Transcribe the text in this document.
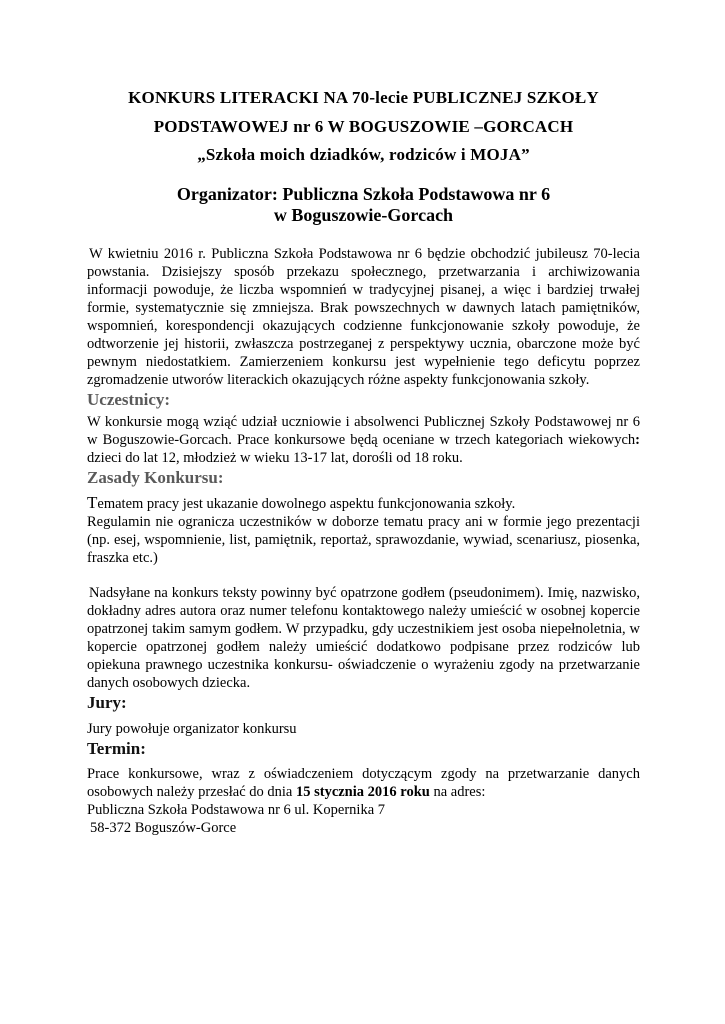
KONKURS LITERACKI NA 70-lecie PUBLICZNEJ SZKOŁY
PODSTAWOWEJ nr 6 W BOGUSZOWIE –GORCACH
„Szkoła moich dziadków, rodziców i MOJA”
Organizator: Publiczna Szkoła Podstawowa nr 6
w Boguszowie-Gorcach

W kwietniu 2016 r. Publiczna Szkoła Podstawowa nr 6 będzie obchodzić jubileusz 70-lecia powstania. Dzisiejszy sposób przekazu społecznego, przetwarzania i archiwizowania informacji powoduje, że liczba wspomnień w tradycyjnej pisanej, a więc i bardziej trwałej formie, systematycznie się zmniejsza. Brak powszechnych w dawnych latach pamiętników, wspomnień, korespondencji okazujących codzienne funkcjonowanie szkoły powoduje, że odtworzenie jej historii, zwłaszcza postrzeganej z perspektywy ucznia, obarczone może być pewnym niedostatkiem. Zamierzeniem konkursu jest wypełnienie tego deficytu poprzez zgromadzenie utworów literackich okazujących różne aspekty funkcjonowania szkoły.

Uczestnicy:

W konkursie mogą wziąć udział uczniowie i absolwenci Publicznej Szkoły Podstawowej nr 6 w Boguszowie-Gorcach. Prace konkursowe będą oceniane w trzech kategoriach wiekowych: dzieci do lat 12, młodzież w wieku 13-17 lat, dorośli od 18 roku.

Zasady Konkursu:
Tematem pracy jest ukazanie dowolnego aspektu funkcjonowania szkoły.
Regulamin nie ogranicza uczestników w doborze tematu pracy ani w formie jego prezentacji (np. esej, wspomnienie, list, pamiętnik, reportaż, sprawozdanie, wywiad, scenariusz, piosenka, fraszka etc.)

Nadsyłane na konkurs teksty powinny być opatrzone godłem (pseudonimem). Imię, nazwisko, dokładny adres autora oraz numer telefonu kontaktowego należy umieścić w osobnej kopercie opatrzonej takim samym godłem. W przypadku, gdy uczestnikiem jest osoba niepełnoletnia, w kopercie opatrzonej godłem należy umieścić dodatkowo podpisane przez rodziców lub opiekuna prawnego uczestnika konkursu- oświadczenie o wyrażeniu zgody na przetwarzanie danych osobowych dziecka.

Jury:

Jury powołuje organizator konkursu

Termin:

Prace konkursowe, wraz z oświadczeniem dotyczącym zgody na przetwarzanie danych osobowych należy przesłać do dnia 15 stycznia 2016 roku na adres:

Publiczna Szkoła Podstawowa nr 6 ul. Kopernika 7
58-372 Boguszów-Gorce
